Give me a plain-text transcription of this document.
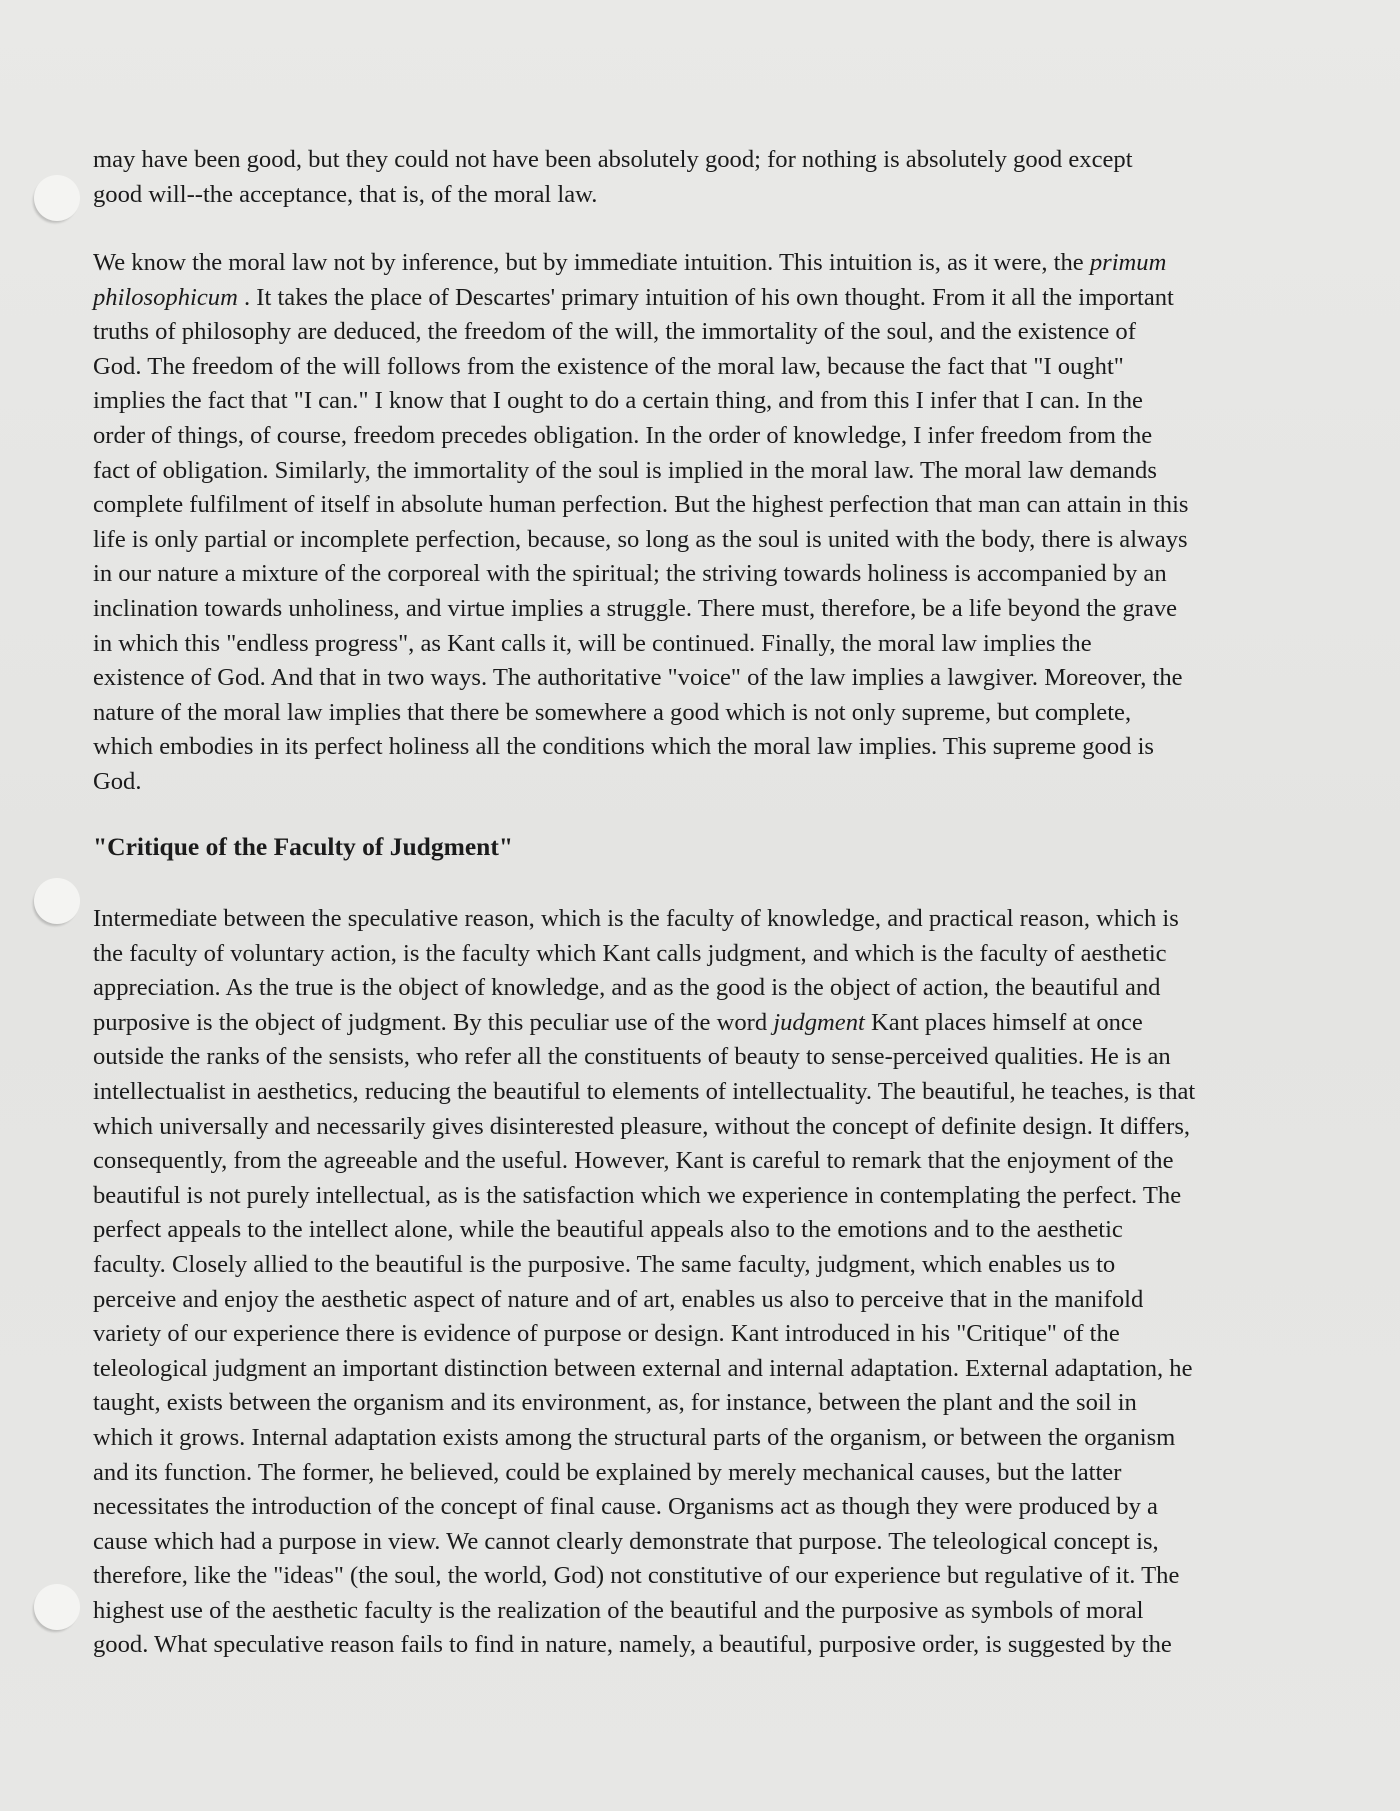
may have been good, but they could not have been absolutely good; for nothing is absolutely good except
good will--the acceptance, that is, of the moral law.

We know the moral law not by inference, but by immediate intuition. This intuition is, as it were, the primum
philosophicum . It takes the place of Descartes' primary intuition of his own thought. From it all the important
truths of philosophy are deduced, the freedom of the will, the immortality of the soul, and the existence of
God. The freedom of the will follows from the existence of the moral law, because the fact that "I ought"
implies the fact that "I can." I know that I ought to do a certain thing, and from this I infer that I can. In the
order of things, of course, freedom precedes obligation. In the order of knowledge, I infer freedom from the
fact of obligation. Similarly, the immortality of the soul is implied in the moral law. The moral law demands
complete fulfilment of itself in absolute human perfection. But the highest perfection that man can attain in this
life is only partial or incomplete perfection, because, so long as the soul is united with the body, there is always
in our nature a mixture of the corporeal with the spiritual; the striving towards holiness is accompanied by an
inclination towards unholiness, and virtue implies a struggle. There must, therefore, be a life beyond the grave
in which this "endless progress", as Kant calls it, will be continued. Finally, the moral law implies the
existence of God. And that in two ways. The authoritative "voice" of the law implies a lawgiver. Moreover, the
nature of the moral law implies that there be somewhere a good which is not only supreme, but complete,
which embodies in its perfect holiness all the conditions which the moral law implies. This supreme good is
God.

"Critique of the Faculty of Judgment"

Intermediate between the speculative reason, which is the faculty of knowledge, and practical reason, which is
the faculty of voluntary action, is the faculty which Kant calls judgment, and which is the faculty of aesthetic
appreciation. As the true is the object of knowledge, and as the good is the object of action, the beautiful and
purposive is the object of judgment. By this peculiar use of the word judgment Kant places himself at once
outside the ranks of the sensists, who refer all the constituents of beauty to sense-perceived qualities. He is an
intellectualist in aesthetics, reducing the beautiful to elements of intellectuality. The beautiful, he teaches, is that
which universally and necessarily gives disinterested pleasure, without the concept of definite design. It differs,
consequently, from the agreeable and the useful. However, Kant is careful to remark that the enjoyment of the
beautiful is not purely intellectual, as is the satisfaction which we experience in contemplating the perfect. The
perfect appeals to the intellect alone, while the beautiful appeals also to the emotions and to the aesthetic
faculty. Closely allied to the beautiful is the purposive. The same faculty, judgment, which enables us to
perceive and enjoy the aesthetic aspect of nature and of art, enables us also to perceive that in the manifold
variety of our experience there is evidence of purpose or design. Kant introduced in his "Critique" of the
teleological judgment an important distinction between external and internal adaptation. External adaptation, he
taught, exists between the organism and its environment, as, for instance, between the plant and the soil in
which it grows. Internal adaptation exists among the structural parts of the organism, or between the organism
and its function. The former, he believed, could be explained by merely mechanical causes, but the latter
necessitates the introduction of the concept of final cause. Organisms act as though they were produced by a
cause which had a purpose in view. We cannot clearly demonstrate that purpose. The teleological concept is,
therefore, like the "ideas" (the soul, the world, God) not constitutive of our experience but regulative of it. The
highest use of the aesthetic faculty is the realization of the beautiful and the purposive as symbols of moral
good. What speculative reason fails to find in nature, namely, a beautiful, purposive order, is suggested by the
